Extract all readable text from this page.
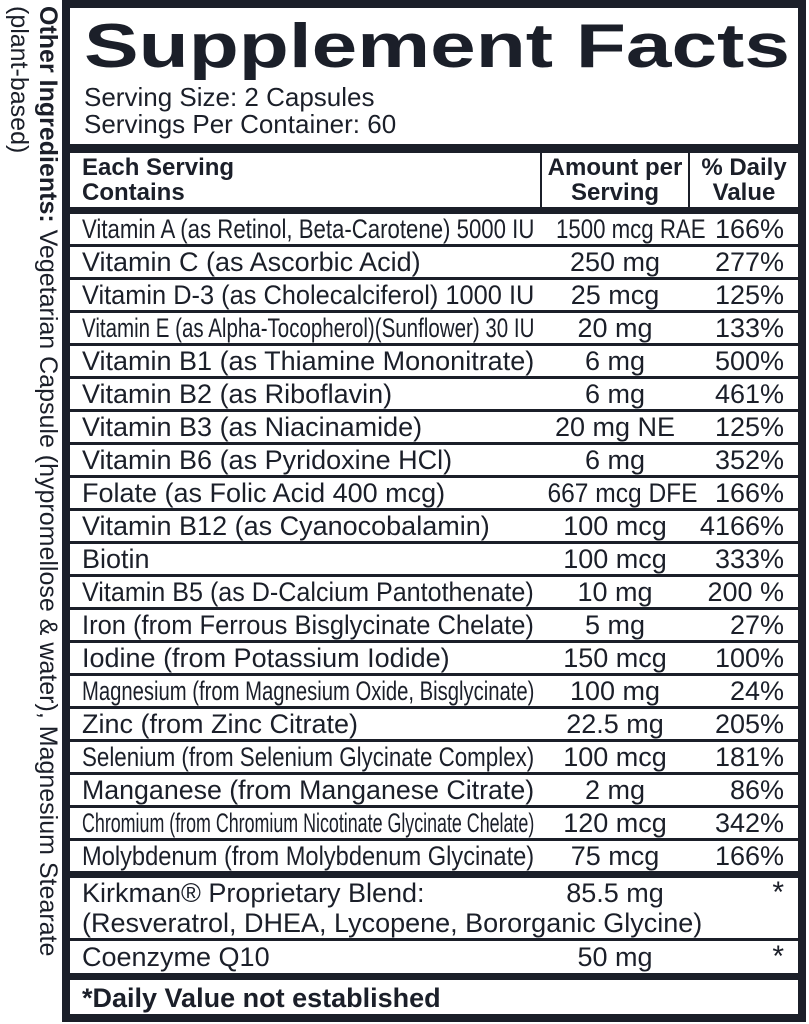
Other Ingredients: Vegetarian Capsule (hypromellose & water), Magnesium Stearate
(plant-based) Supplement Facts
Serving Size: 2 Capsules
Servings Per Container: 60
Each Serving
Contains
Amount per
Serving
% Daily
Value
Vitamin A (as Retinol, Beta-Carotene) 5000 IU 1500 mcg RAE 166%
Vitamin C (as Ascorbic Acid)	250 mg	277%
Vitamin D-3 (as Cholecalciferol) 1000 IU	25 mcg	125%
Vitamin E (as Alpha-Tocopherol)(Sunflower) 30 IU	20 mg	133%
Vitamin B1 (as Thiamine Mononitrate)	6 mg	500%
Vitamin B2 (as Riboflavin)	6 mg	461%
Vitamin B3 (as Niacinamide)	20 mg NE	125%
Vitamin B6 (as Pyridoxine HCl)	6 mg	352%
Folate (as Folic Acid 400 mcg)	667 mcg DFE 166%
Vitamin B12 (as Cyanocobalamin)	100 mcg	4166%
Biotin	100 mcg	333%
Vitamin B5 (as D-Calcium Pantothenate)	10 mg	200 %
Iron (from Ferrous Bisglycinate Chelate)	5 mg	27%
Iodine (from Potassium Iodide)	150 mcg	100%
Magnesium (from Magnesium Oxide, Bisglycinate)	100 mg	24%
Zinc (from Zinc Citrate)	22.5 mg	205%
Selenium (from Selenium Glycinate Complex)	100 mcg	181%
Manganese (from Manganese Citrate)	2 mg	86%
Chromium (from Chromium Nicotinate Glycinate Chelate)	120 mcg	342%
Molybdenum (from Molybdenum Glycinate)	75 mcg	166%
Kirkman® Proprietary Blend:	85.5 mg	*
(Resveratrol, DHEA, Lycopene, Bororganic Glycine)
Coenzyme Q10	50 mg	*
*Daily Value not established
